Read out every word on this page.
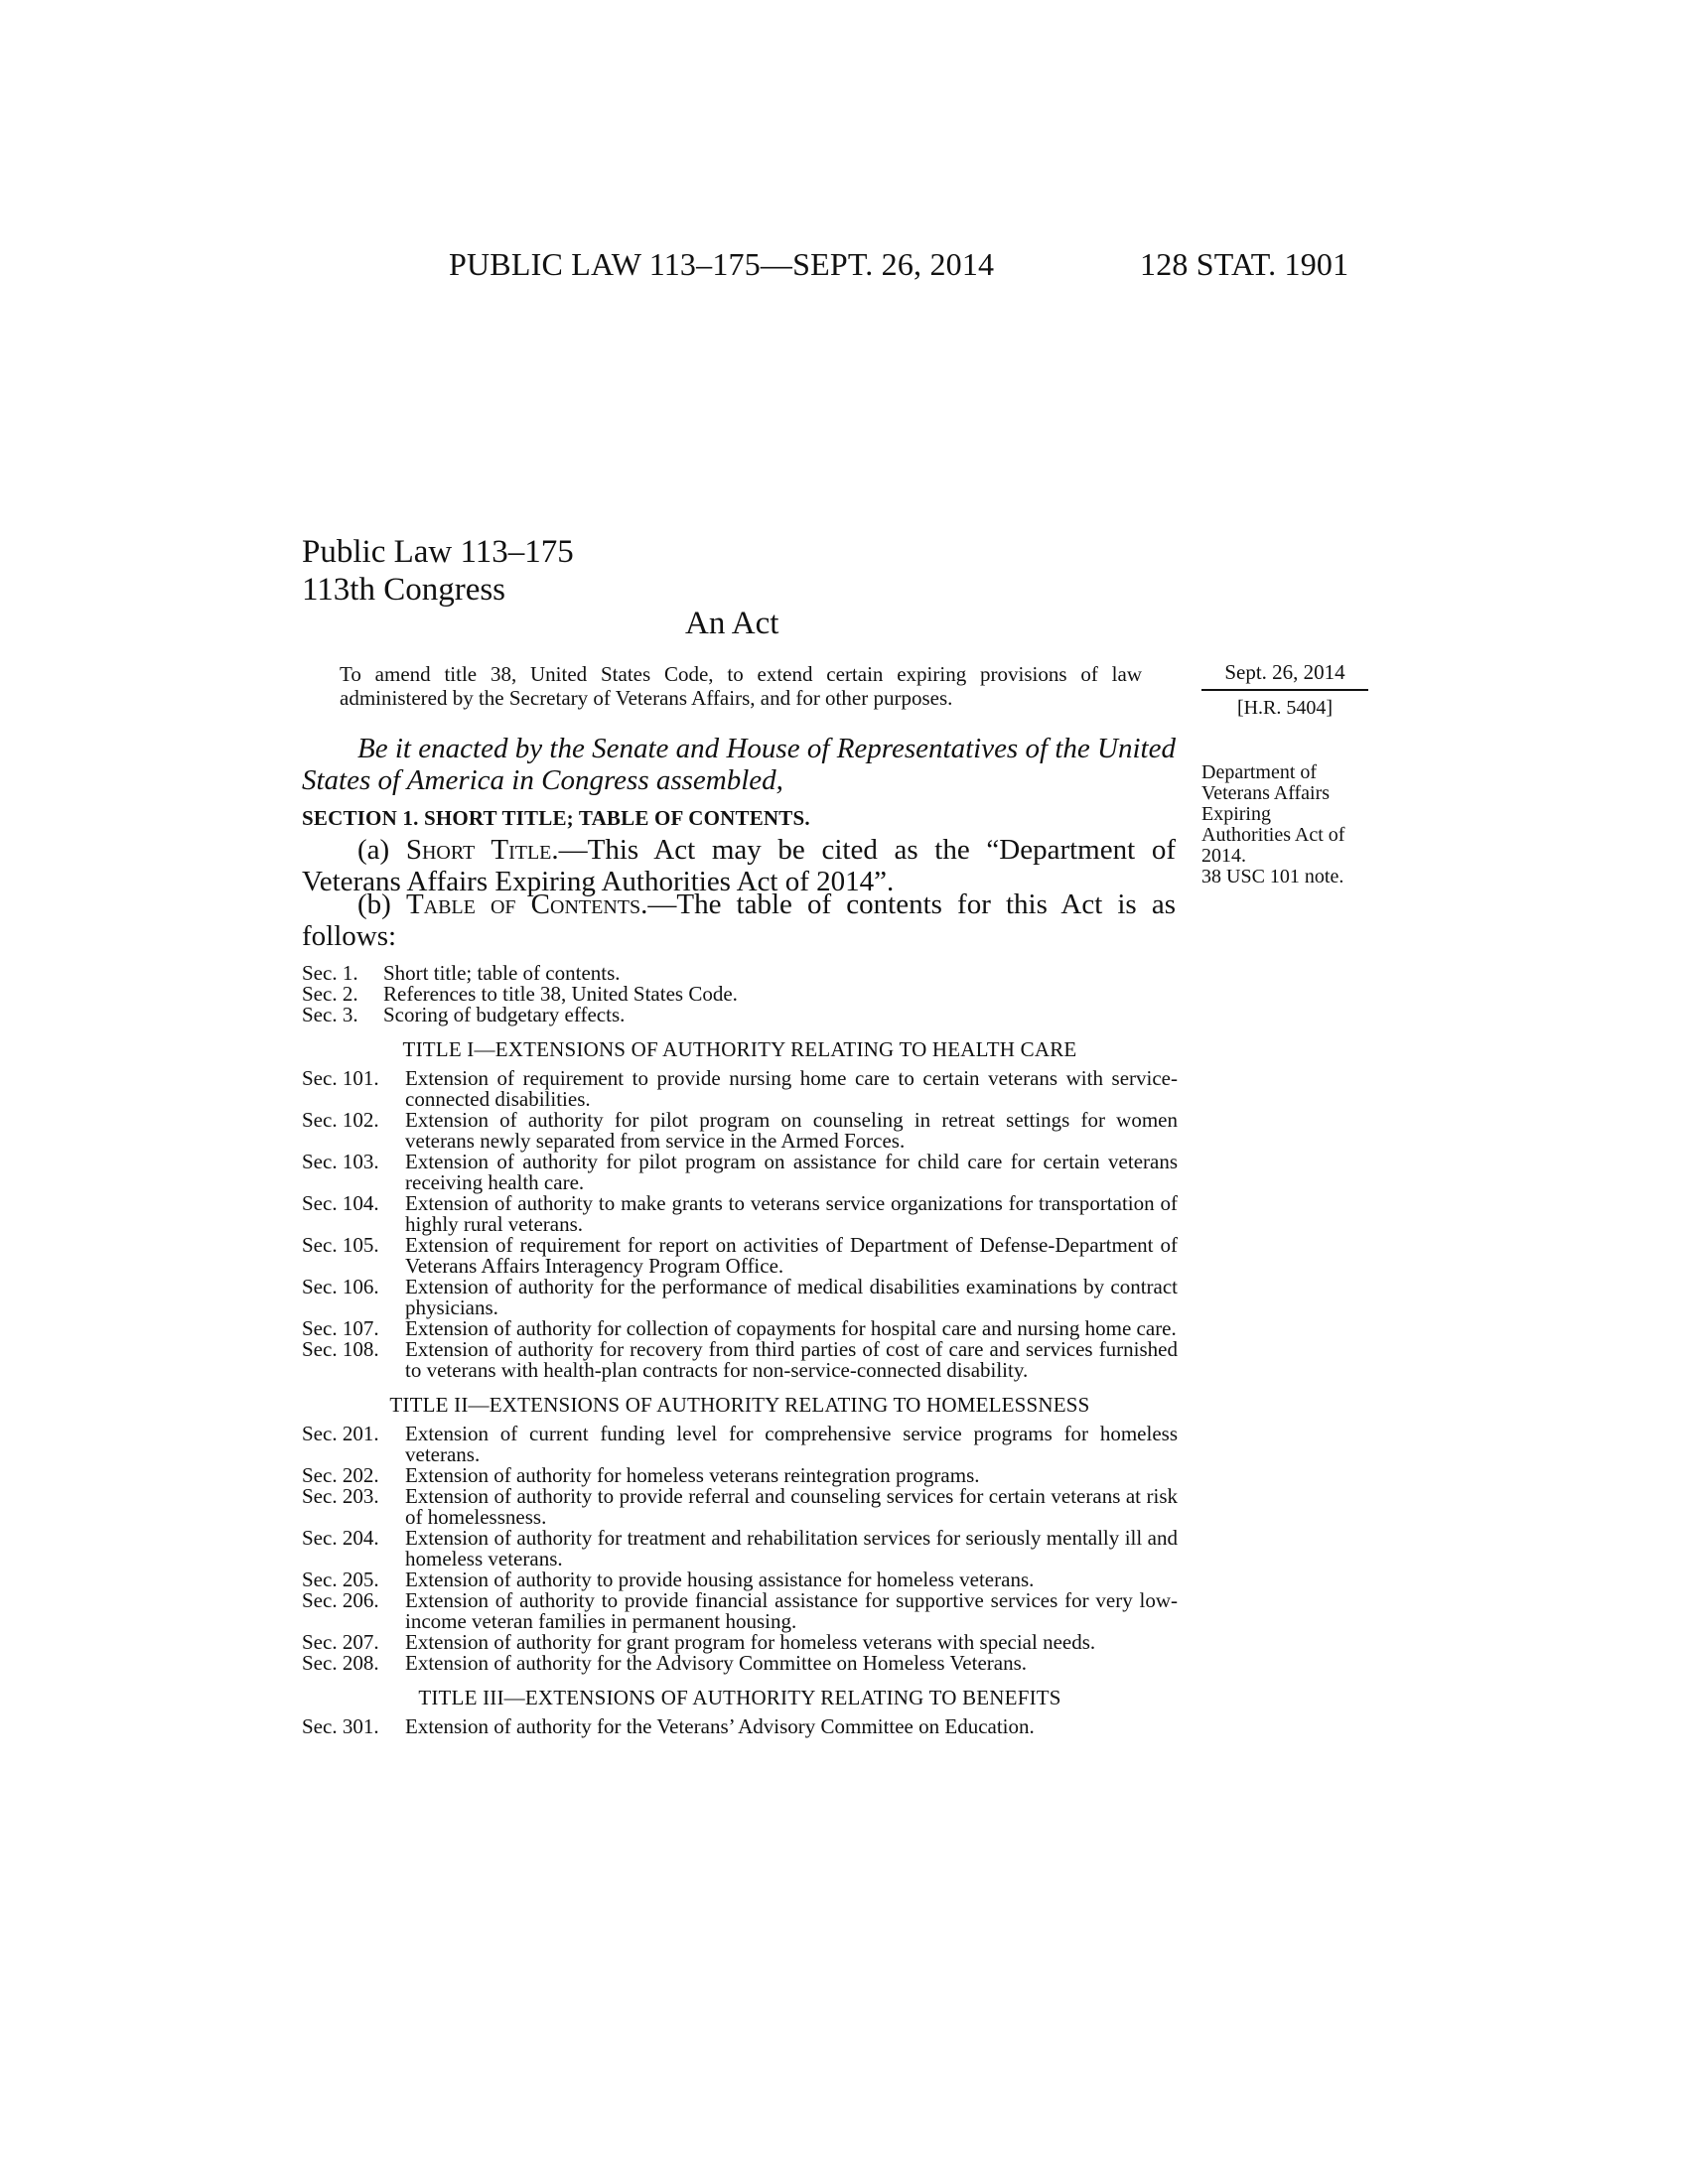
PUBLIC LAW 113–175—SEPT. 26, 2014	128 STAT. 1901
Public Law 113–175
113th Congress
An Act
To amend title 38, United States Code, to extend certain expiring provisions of law administered by the Secretary of Veterans Affairs, and for other purposes.
Sept. 26, 2014
[H.R. 5404]
Department of
Veterans Affairs
Expiring
Authorities Act of
2014.
38 USC 101 note.
Be it enacted by the Senate and House of Representatives of the United States of America in Congress assembled,
SECTION 1. SHORT TITLE; TABLE OF CONTENTS.
(a) Short Title.—This Act may be cited as the “Department of Veterans Affairs Expiring Authorities Act of 2014”.
(b) Table of Contents.—The table of contents for this Act is as follows:
Sec. 1.	Short title; table of contents.
Sec. 2.	References to title 38, United States Code.
Sec. 3.	Scoring of budgetary effects.
TITLE I—EXTENSIONS OF AUTHORITY RELATING TO HEALTH CARE
Sec. 101.	Extension of requirement to provide nursing home care to certain veterans with service-connected disabilities.
Sec. 102.	Extension of authority for pilot program on counseling in retreat settings for women veterans newly separated from service in the Armed Forces.
Sec. 103.	Extension of authority for pilot program on assistance for child care for certain veterans receiving health care.
Sec. 104.	Extension of authority to make grants to veterans service organizations for transportation of highly rural veterans.
Sec. 105.	Extension of requirement for report on activities of Department of Defense-Department of Veterans Affairs Interagency Program Office.
Sec. 106.	Extension of authority for the performance of medical disabilities examinations by contract physicians.
Sec. 107.	Extension of authority for collection of copayments for hospital care and nursing home care.
Sec. 108.	Extension of authority for recovery from third parties of cost of care and services furnished to veterans with health-plan contracts for non-service-connected disability.
TITLE II—EXTENSIONS OF AUTHORITY RELATING TO HOMELESSNESS
Sec. 201.	Extension of current funding level for comprehensive service programs for homeless veterans.
Sec. 202.	Extension of authority for homeless veterans reintegration programs.
Sec. 203.	Extension of authority to provide referral and counseling services for certain veterans at risk of homelessness.
Sec. 204.	Extension of authority for treatment and rehabilitation services for seriously mentally ill and homeless veterans.
Sec. 205.	Extension of authority to provide housing assistance for homeless veterans.
Sec. 206.	Extension of authority to provide financial assistance for supportive services for very low-income veteran families in permanent housing.
Sec. 207.	Extension of authority for grant program for homeless veterans with special needs.
Sec. 208.	Extension of authority for the Advisory Committee on Homeless Veterans.
TITLE III—EXTENSIONS OF AUTHORITY RELATING TO BENEFITS
Sec. 301.	Extension of authority for the Veterans’ Advisory Committee on Education.
